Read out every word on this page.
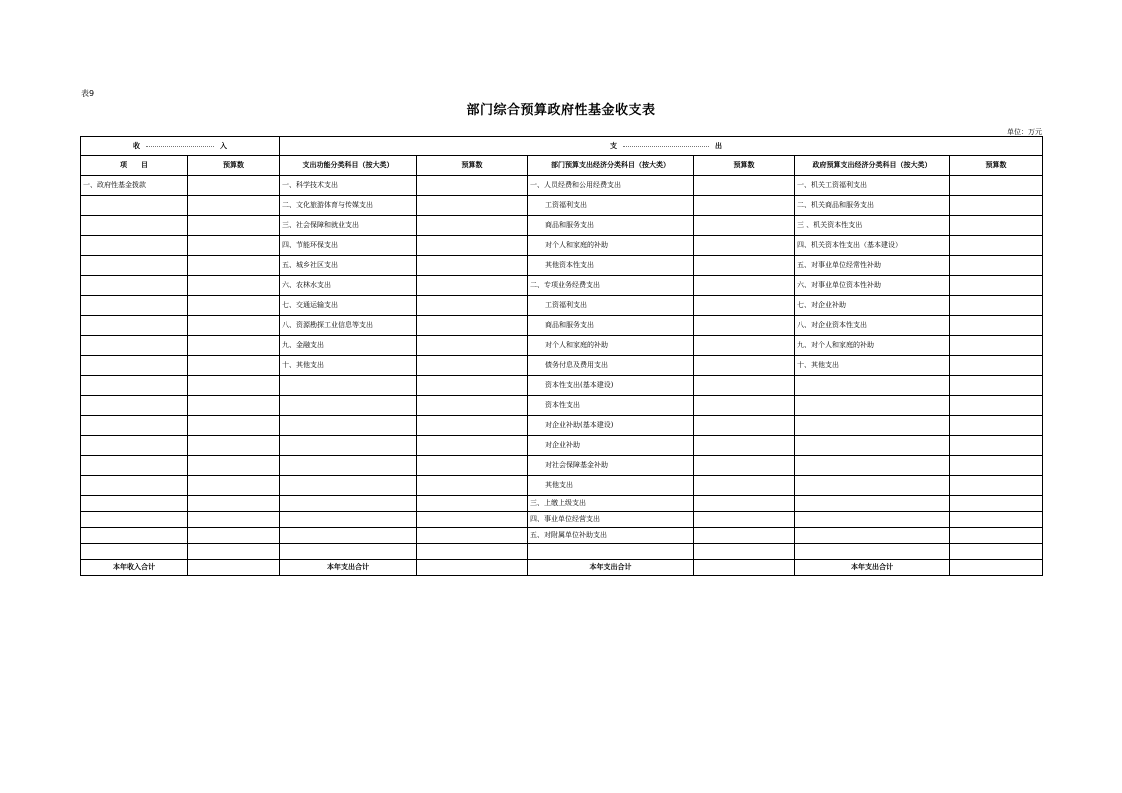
表9
部门综合预算政府性基金收支表
单位：万元
收 入		支 出					

项　　目	预算数	支出功能分类科目（按大类）	预算数	部门预算支出经济分类科目（按大类）	预算数	政府预算支出经济分类科目（按大类）	预算数
一、政府性基金拨款		一、科学技术支出		一、人员经费和公用经费支出		一、机关工资福利支出	
		二、文化旅游体育与传媒支出		工资福利支出		二、机关商品和服务支出	
		三、社会保障和就业支出		商品和服务支出		三 、机关资本性支出	
		四、节能环保支出		对个人和家庭的补助		四、机关资本性支出（基本建设）	
		五、城乡社区支出		其他资本性支出		五、对事业单位经常性补助	
		六、农林水支出		二、专项业务经费支出		六、对事业单位资本性补助	
		七、交通运输支出		工资福利支出		七、对企业补助	
		八、资源勘探工业信息等支出		商品和服务支出		八、对企业资本性支出	
		九、金融支出		对个人和家庭的补助		九、对个人和家庭的补助	
		十、其他支出		债务付息及费用支出		十、其他支出	
				资本性支出(基本建设)			
				资本性支出			
				对企业补助(基本建设)			
				对企业补助			
				对社会保障基金补助			
				其他支出			
				三、上缴上级支出			
				四、事业单位经营支出			
				五、对附属单位补助支出			

本年收入合计		本年支出合计		本年支出合计		本年支出合计	
